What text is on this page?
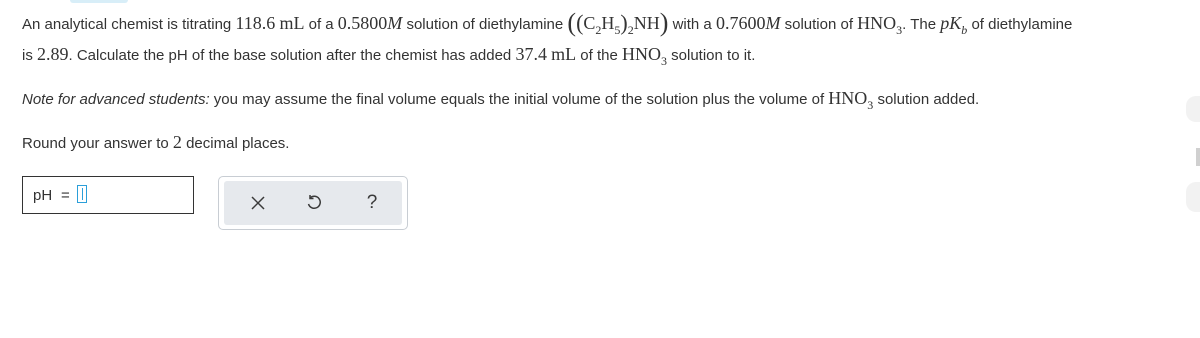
An analytical chemist is titrating 118.6 mL of a 0.5800M solution of diethylamine $((C_2H_5)_2NH)$ with a 0.7600M solution of $HNO_3$. The $pK_b$ of diethylamine
is 2.89. Calculate the pH of the base solution after the chemist has added 37.4 mL of the $HNO_3$ solution to it.
Note for advanced students: you may assume the final volume equals the initial volume of the solution plus the volume of $HNO_3$ solution added.
Round your answer to 2 decimal places.
pH =	?
